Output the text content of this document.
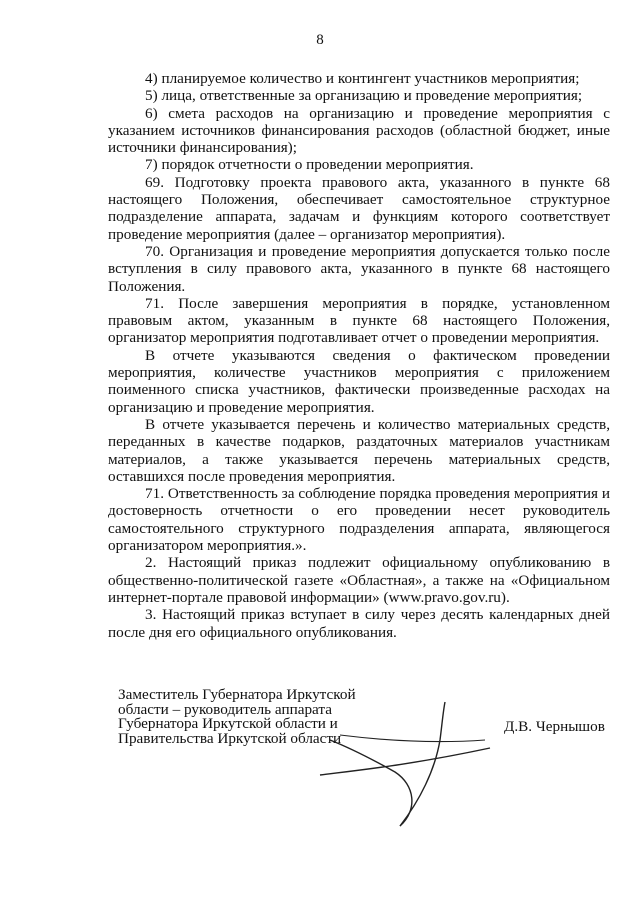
8

4) планируемое количество и контингент участников мероприятия;

5) лица, ответственные за организацию и проведение мероприятия;

6) смета расходов на организацию и проведение мероприятия с указанием источников финансирования расходов (областной бюджет, иные источники финансирования);

7) порядок отчетности о проведении мероприятия.

69. Подготовку проекта правового акта, указанного в пункте 68 настоящего Положения, обеспечивает самостоятельное структурное подразделение аппарата, задачам и функциям которого соответствует проведение мероприятия (далее – организатор мероприятия).

70. Организация и проведение мероприятия допускается только после вступления в силу правового акта, указанного в пункте 68 настоящего Положения.

71. После завершения мероприятия в порядке, установленном правовым актом, указанным в пункте 68 настоящего Положения, организатор мероприятия подготавливает отчет о проведении мероприятия.

В отчете указываются сведения о фактическом проведении мероприятия, количестве участников мероприятия с приложением поименного списка участников, фактически произведенные расходах на организацию и проведение мероприятия.

В отчете указывается перечень и количество материальных средств, переданных в качестве подарков, раздаточных материалов участникам материалов, а также указывается перечень материальных средств, оставшихся после проведения мероприятия.

71. Ответственность за соблюдение порядка проведения мероприятия и достоверность отчетности о его проведении несет руководитель самостоятельного структурного подразделения аппарата, являющегося организатором мероприятия.».

2. Настоящий приказ подлежит официальному опубликованию в общественно-политической газете «Областная», а также на «Официальном интернет-портале правовой информации» (www.pravo.gov.ru).

3. Настоящий приказ вступает в силу через десять календарных дней после дня его официального опубликования.

Заместитель Губернатора Иркутской
области – руководитель аппарата
Губернатора Иркутской области и
Правительства Иркутской области
Д.В. Чернышов
